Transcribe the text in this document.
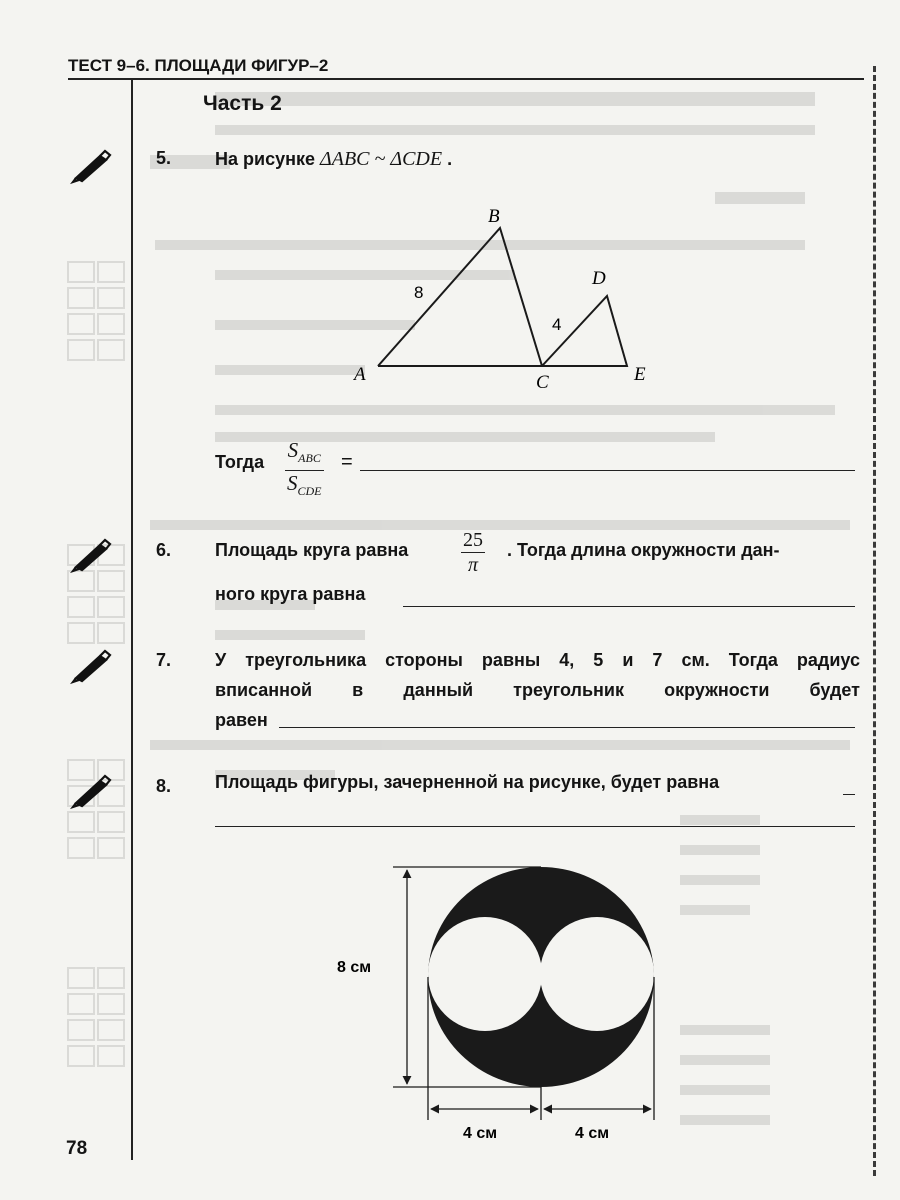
ТЕСТ 9–6. ПЛОЩАДИ ФИГУР–2
Часть 2
5. На рисунке ΔABC ~ ΔCDE .
A
B
C
D
E
8
4
Тогда $S_{ABC}$
$S_{CDE}$
=
6. Площадь круга равна	$\frac{25}{\pi}$ . Тогда длина окружности дан-
ного круга равна
7. У треугольника стороны равны 4, 5 и 7 см. Тогда радиус
вписанной в данный треугольник окружности будет
равен
8. Площадь фигуры, зачерненной на рисунке, будет равна
8 см
4 см	4 см
78
